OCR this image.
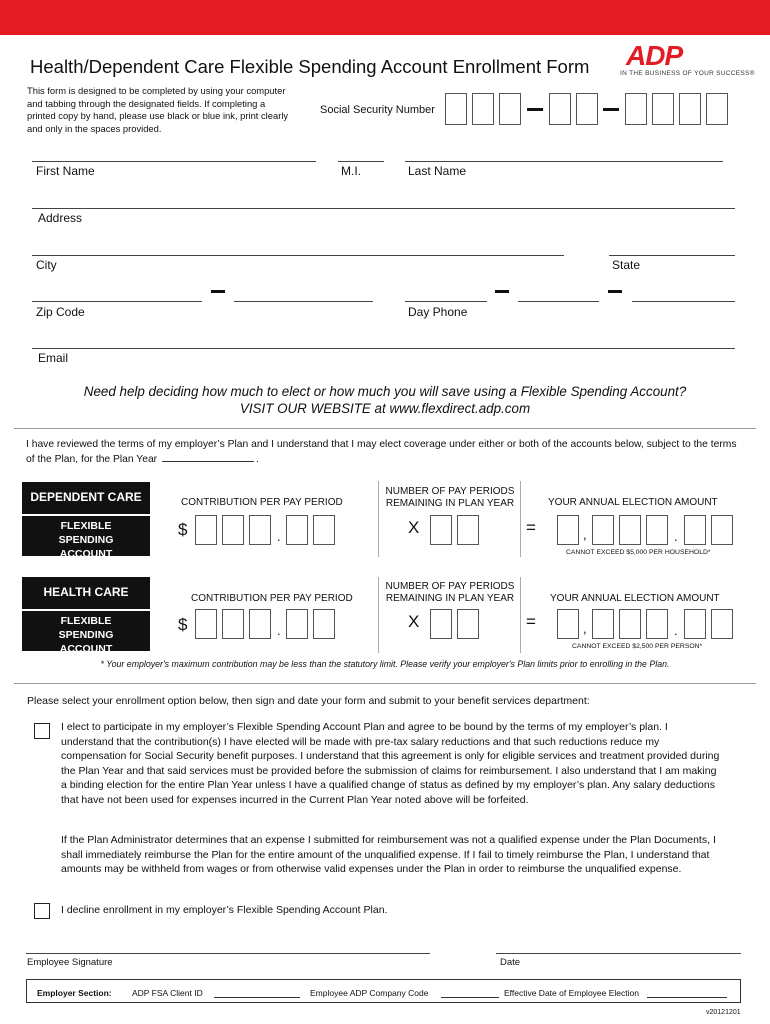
Health/Dependent Care Flexible Spending Account Enrollment Form ADP
IN THE BUSINESS OF YOUR SUCCESS®
This form is designed to be completed by using your computer and tabbing through the designated fields. If completing a printed copy by hand, please use black or blue ink, print clearly and only in the spaces provided.
Social Security Number
First Name	M.I.	Last Name
Address
City	State
Zip Code	Day Phone
Email
Need help deciding how much to elect or how much you will save using a Flexible Spending Account?
VISIT OUR WEBSITE at www.flexdirect.adp.com
I have reviewed the terms of my employer’s Plan and I understand that I may elect coverage under either or both of the accounts below, subject to the terms of the Plan, for the Plan Year	.
DEPENDENT CARE
FLEXIBLE SPENDING ACCOUNT
CONTRIBUTION PER PAY PERIOD
NUMBER OF PAY PERIODS REMAINING IN PLAN YEAR	YOUR ANNUAL ELECTION AMOUNT
$	.	X	=	,	.
CANNOT EXCEED $5,000 PER HOUSEHOLD*
HEALTH CARE
FLEXIBLE SPENDING ACCOUNT
CONTRIBUTION PER PAY PERIOD
NUMBER OF PAY PERIODS REMAINING IN PLAN YEAR	YOUR ANNUAL ELECTION AMOUNT
$	.	X	=	,	.
CANNOT EXCEED $2,500 PER PERSON*
* Your employer's maximum contribution may be less than the statutory limit. Please verify your employer's Plan limits prior to enrolling in the Plan.
Please select your enrollment option below, then sign and date your form and submit to your benefit services department:
I elect to participate in my employer’s Flexible Spending Account Plan and agree to be bound by the terms of my employer’s plan. I understand that the contribution(s) I have elected will be made with pre-tax salary reductions and that such reductions reduce my compensation for Social Security benefit purposes. I understand that this agreement is only for eligible services and treatment provided during the Plan Year and that said services must be provided before the submission of claims for reimbursement. I also understand that I am making a binding election for the entire Plan Year unless I have a qualified change of status as defined by my employer’s plan. Any salary deductions that have not been used for expenses incurred in the Current Plan Year noted above will be forfeited.
If the Plan Administrator determines that an expense I submitted for reimbursement was not a qualified expense under the Plan Documents, I shall immediately reimburse the Plan for the entire amount of the unqualified expense. If I fail to timely reimburse the Plan, I understand that amounts may be withheld from wages or from otherwise valid expenses under the Plan in order to reimburse the unqualified expense.
I decline enrollment in my employer’s Flexible Spending Account Plan.
Employee Signature	Date
Employer Section: ADP FSA Client ID	Employee ADP Company Code	Effective Date of Employee Election
v20121201
